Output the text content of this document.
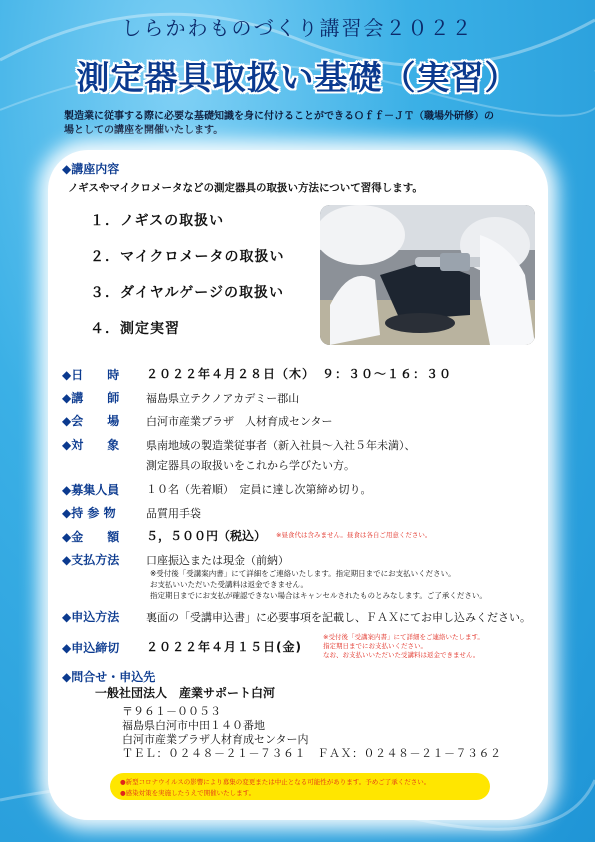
しらかわものづくり講習会２０２２
測定器具取扱い基礎（実習）
製造業に従事する際に必要な基礎知識を身に付けることができるＯｆｆ－ＪＴ（職場外研修）の
場としての講座を開催いたします。
◆講座内容
ノギスやマイクロメータなどの測定器具の取扱い方法について習得します。
１．ノギスの取扱い
２．マイクロメータの取扱い
３．ダイヤルゲージの取扱い
４．測定実習
◆日　　時 ２０２２年４月２８日（木）　９：３０～１６：３０
◆講　　師 福島県立テクノアカデミー郡山
◆会　　場 白河市産業プラザ　人材育成センター
◆対　　象 県南地域の製造業従事者（新入社員～入社５年未満）、
測定器具の取扱いをこれから学びたい方。
◆募集人員 １０名（先着順）　定員に達し次第締め切り。
◆持 参 物	品質用手袋
◆金　　額 ５，５００円（税込） ※昼食代は含みません。昼食は各自ご用意ください。
◆支払方法 口座振込または現金（前納）
※受付後「受講案内書」にて詳細をご連絡いたします。指定期日までにお支払いください。
お支払いいただいた受講料は返金できません。
指定期日までにお支払が確認できない場合はキャンセルされたものとみなします。ご了承ください。
◆申込方法 裏面の「受講申込書」に必要事項を記載し、ＦＡＸにてお申し込みください。
◆申込締切 ２０２２年４月１５日(金)
※受付後「受講案内書」にて詳細をご連絡いたします。
指定期日までにお支払いください。
なお、お支払いいただいた受講料は返金できません。
◆問合せ・申込先
一般社団法人　産業サポート白河
〒９６１－００５３
福島県白河市中田１４０番地
白河市産業プラザ人材育成センター内
ＴＥＬ：０２４８－２１－７３６１　ＦＡＸ：０２４８－２１－７３６２
●新型コロナウイルスの影響により募集の変更または中止となる可能性があります。予めご了承ください。
●感染対策を実施したうえで開催いたします。
